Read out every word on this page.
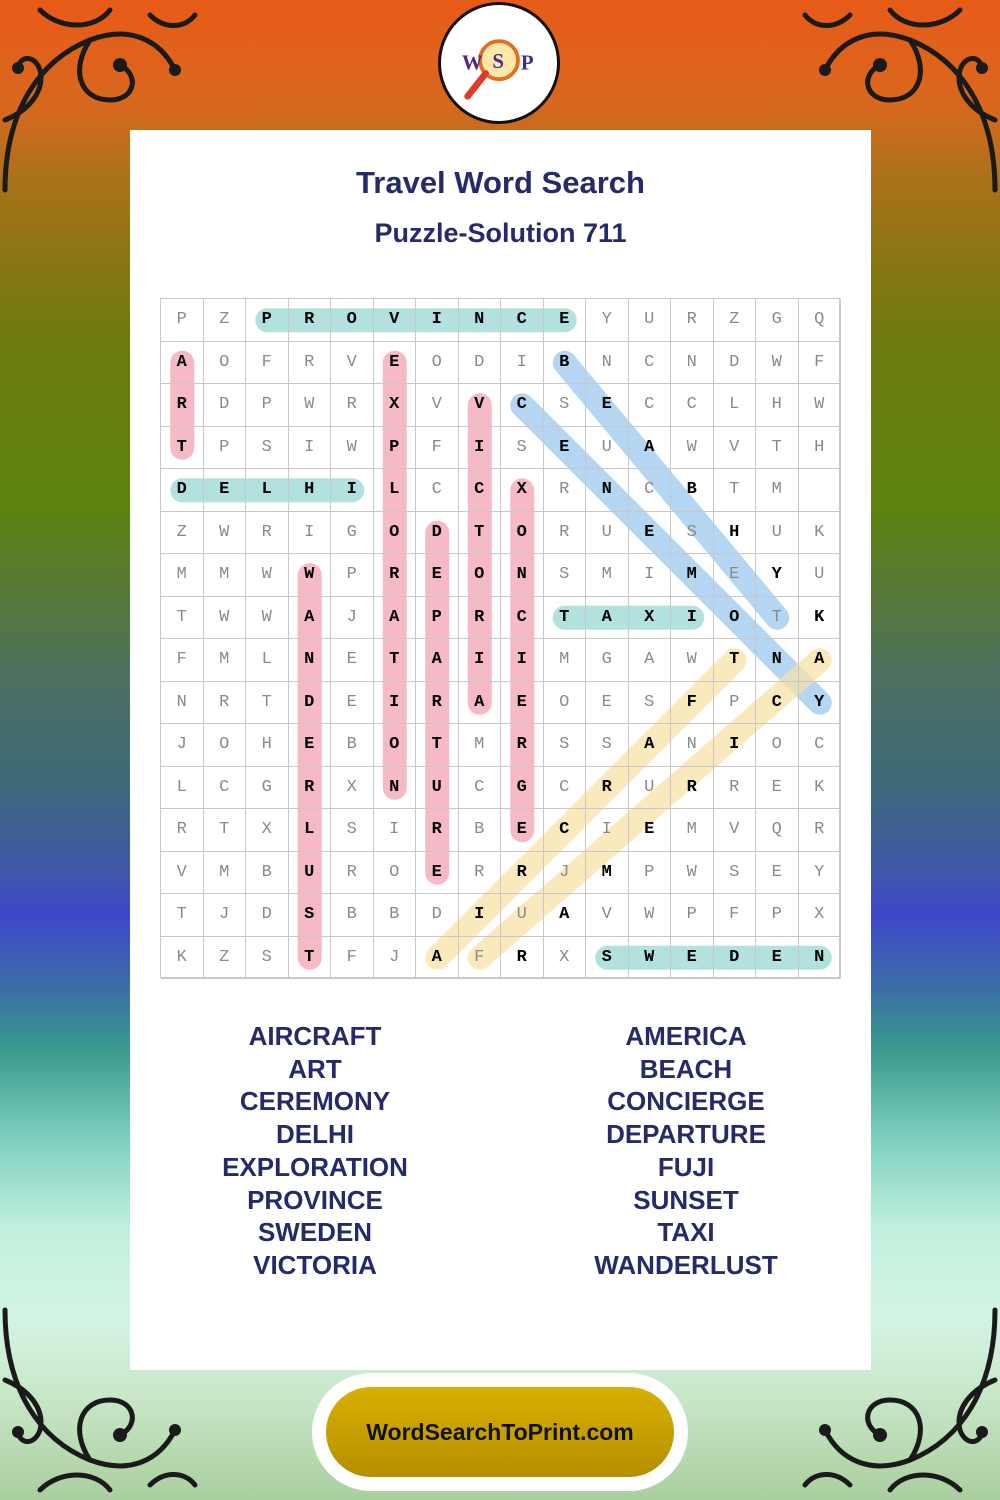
W S P
Travel Word Search
Puzzle-Solution 711
P	Z	P	R	O	V	I	N	C	E	Y	U	R	Z	G	Q
A	O	F	R	V	E	O	D	I	B	N	C	N	D	W	F
R	D	P	W	R	X	V	V	C	S	E	C	C	L	H	W
T	P	S	I	W	P	F	I	S	E	U	A	W	V	T	H
D	E	L	H	I	L	C	C	X	R	N	C	B	T	M
Z	W	R	I	G	O	D	T	O	R	U	E	S	H	U	K
M	M	W	W	P	R	E	O	N	S	M	I	M	E	Y	U
T	W	W	A	J	A	P	R	C	T	A	X	I	O	T	K
F	M	L	N	E	T	A	I	I	M	G	A	W	T	N	A
N	R	T	D	E	I	R	A	E	O	E	S	F	P	C	Y
J	O	H	E	B	O	T	M	R	S	S	A	N	I	O	C
L	C	G	R	X	N	U	C	G	C	R	U	R	R	E	K
R	T	X	L	S	I	R	B	E	C	I	E	M	V	Q	R
V	M	B	U	R	O	E	R	R	J	M	P	W	S	E	Y
T	J	D	S	B	B	D	I	U	A	V	W	P	F	P	X
K	Z	S	T	F	J	A	F	R	X	S	W	E	D	E	N
AIRCRAFT
ART
CEREMONY
DELHI
EXPLORATION
PROVINCE
SWEDEN
VICTORIA
AMERICA
BEACH
CONCIERGE
DEPARTURE
FUJI
SUNSET
TAXI
WANDERLUST
WordSearchToPrint.com
